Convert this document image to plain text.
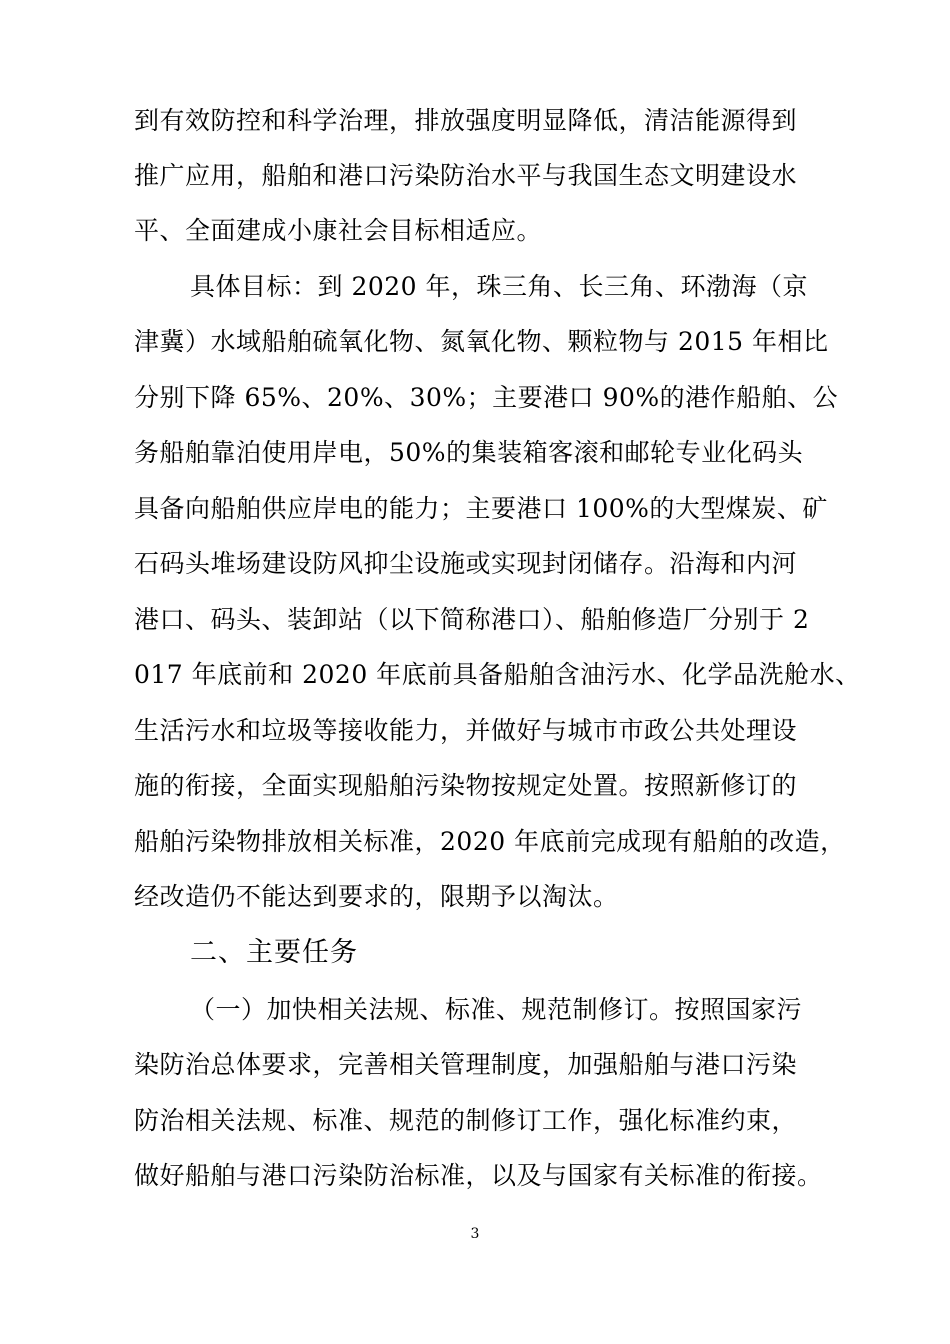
到有效防控和科学治理，排放强度明显降低，清洁能源得到
推广应用，船舶和港口污染防治水平与我国生态文明建设水
平、全面建成小康社会目标相适应。
具体目标：到 2020 年，珠三角、长三角、环渤海（京
津冀）水域船舶硫氧化物、氮氧化物、颗粒物与 2015 年相比
分别下降 65%、20%、30%；主要港口 90%的港作船舶、公
务船舶靠泊使用岸电，50%的集装箱客滚和邮轮专业化码头
具备向船舶供应岸电的能力；主要港口 100%的大型煤炭、矿
石码头堆场建设防风抑尘设施或实现封闭储存。沿海和内河
港口、码头、装卸站（以下简称港口）、船舶修造厂分别于 2
017 年底前和 2020 年底前具备船舶含油污水、化学品洗舱水、
生活污水和垃圾等接收能力，并做好与城市市政公共处理设
施的衔接，全面实现船舶污染物按规定处置。按照新修订的
船舶污染物排放相关标准，2020 年底前完成现有船舶的改造，
经改造仍不能达到要求的，限期予以淘汰。
二、主要任务
（一）加快相关法规、标准、规范制修订。按照国家污
染防治总体要求，完善相关管理制度，加强船舶与港口污染
防治相关法规、标准、规范的制修订工作，强化标准约束，
做好船舶与港口污染防治标准，以及与国家有关标准的衔接。
3
